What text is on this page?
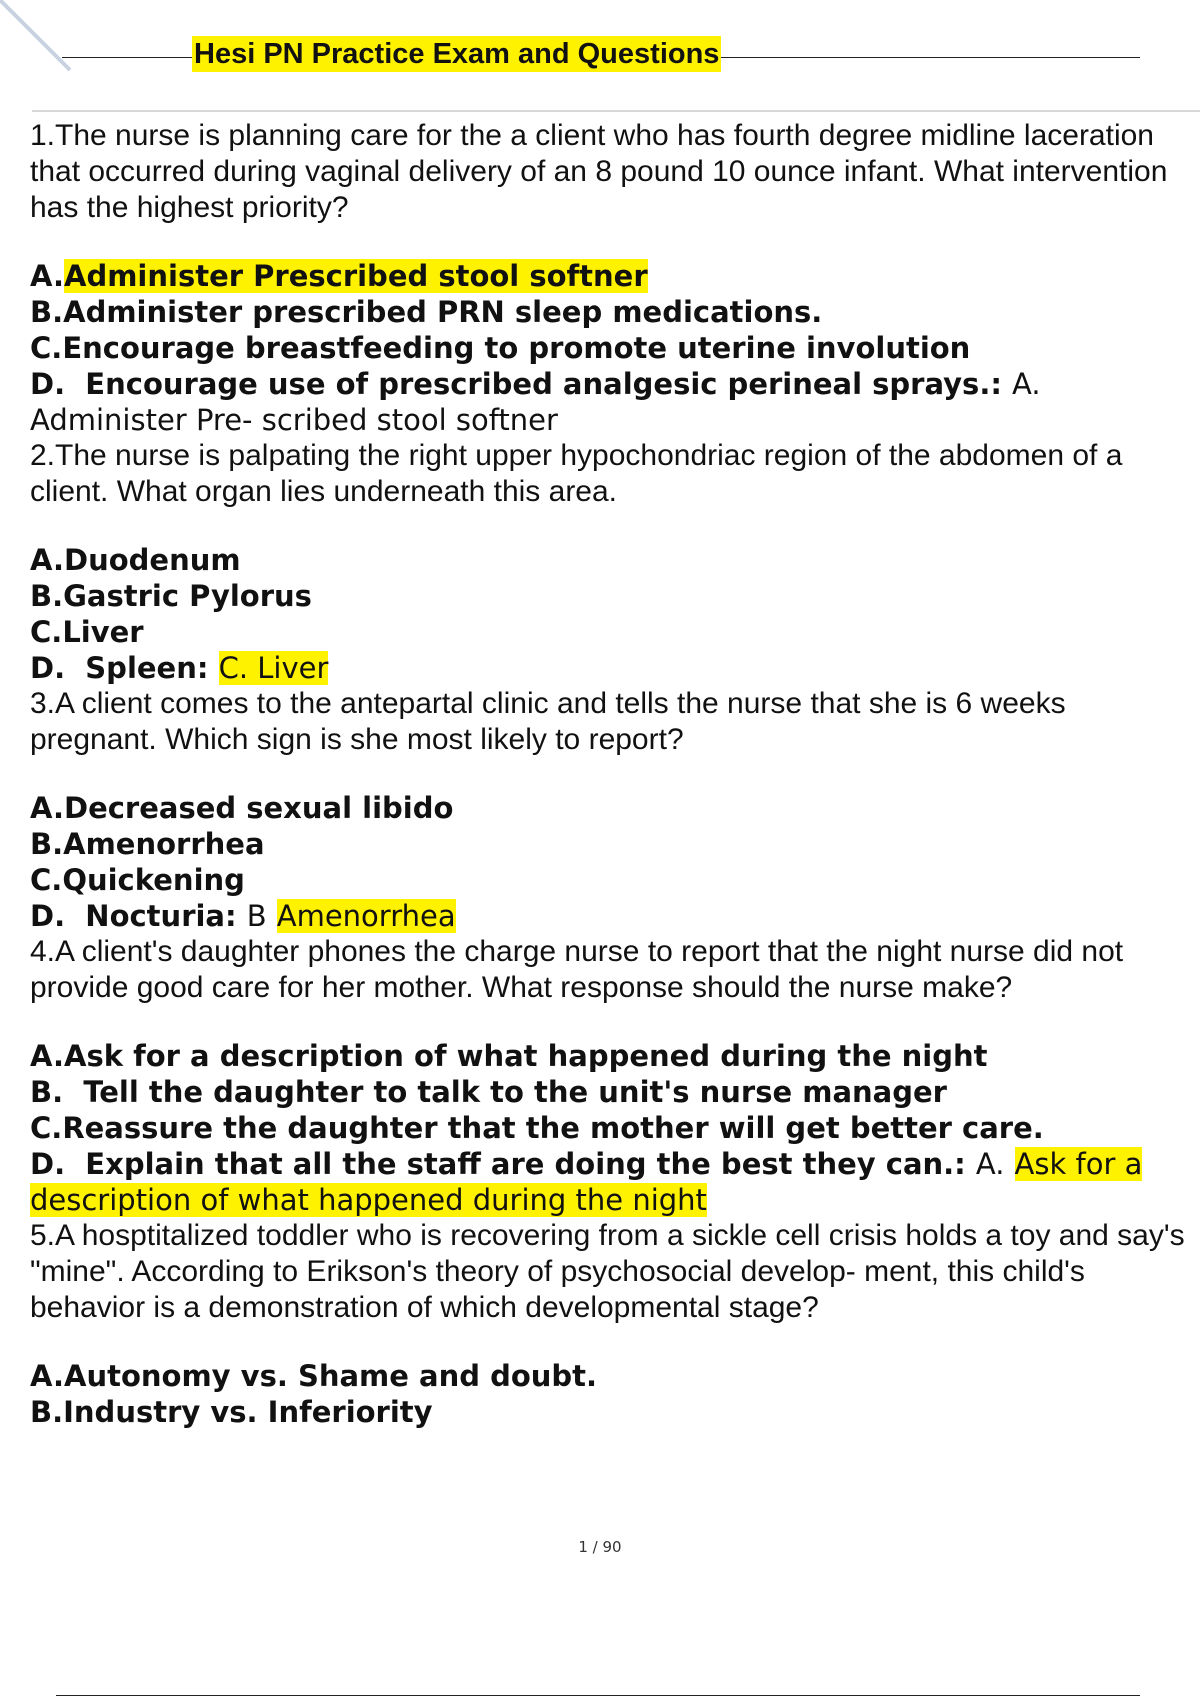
Hesi PN Practice Exam and Questions

1.The nurse is planning care for the a client who has fourth degree midline laceration that occurred during vaginal delivery of an 8 pound 10 ounce infant. What intervention has the highest priority?

A.Administer Prescribed stool softner

B.Administer prescribed PRN sleep medications.

C.Encourage breastfeeding to promote uterine involution

D. Encourage use of prescribed analgesic perineal sprays.: A. Administer Pre- scribed stool softner

2.The nurse is palpating the right upper hypochondriac region of the abdomen of a client. What organ lies underneath this area.

A.Duodenum

B.Gastric Pylorus

C.Liver

D. Spleen: C. Liver

3.A client comes to the antepartal clinic and tells the nurse that she is 6 weeks pregnant. Which sign is she most likely to report?

A.Decreased sexual libido

B.Amenorrhea

C.Quickening

D. Nocturia: B Amenorrhea

4.A client's daughter phones the charge nurse to report that the night nurse did not provide good care for her mother. What response should the nurse make?

A.Ask for a description of what happened during the night

B. Tell the daughter to talk to the unit's nurse manager

C.Reassure the daughter that the mother will get better care.

D. Explain that all the staff are doing the best they can.: A. Ask for a description of what happened during the night

5.A hosptitalized toddler who is recovering from a sickle cell crisis holds a toy and say's "mine". According to Erikson's theory of psychosocial develop- ment, this child's behavior is a demonstration of which developmental stage?

A.Autonomy vs. Shame and doubt.

B.Industry vs. Inferiority

1 / 90
